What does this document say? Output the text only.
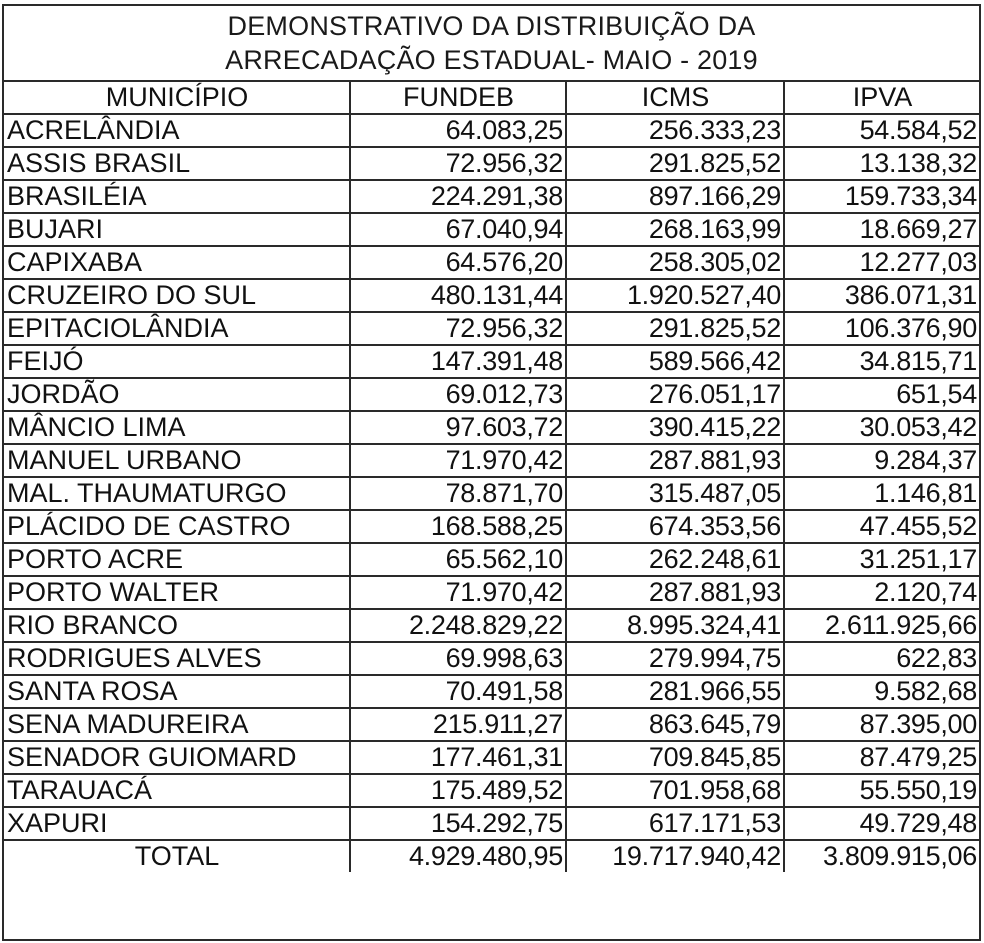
DEMONSTRATIVO DA DISTRIBUIÇÃO DA
ARRECADAÇÃO ESTADUAL- MAIO - 2019
MUNICÍPIO	FUNDEB	ICMS	IPVA
ACRELÂNDIA	64.083,25	256.333,23	54.584,52
ASSIS BRASIL	72.956,32	291.825,52	13.138,32
BRASILÉIA	224.291,38	897.166,29	159.733,34
BUJARI	67.040,94	268.163,99	18.669,27
CAPIXABA	64.576,20	258.305,02	12.277,03
CRUZEIRO DO SUL	480.131,44	1.920.527,40	386.071,31
EPITACIOLÂNDIA	72.956,32	291.825,52	106.376,90
FEIJÓ	147.391,48	589.566,42	34.815,71
JORDÃO	69.012,73	276.051,17	651,54
MÂNCIO LIMA	97.603,72	390.415,22	30.053,42
MANUEL URBANO	71.970,42	287.881,93	9.284,37
MAL. THAUMATURGO	78.871,70	315.487,05	1.146,81
PLÁCIDO DE CASTRO	168.588,25	674.353,56	47.455,52
PORTO ACRE	65.562,10	262.248,61	31.251,17
PORTO WALTER	71.970,42	287.881,93	2.120,74
RIO BRANCO	2.248.829,22	8.995.324,41	2.611.925,66
RODRIGUES ALVES	69.998,63	279.994,75	622,83
SANTA ROSA	70.491,58	281.966,55	9.582,68
SENA MADUREIRA	215.911,27	863.645,79	87.395,00
SENADOR GUIOMARD	177.461,31	709.845,85	87.479,25
TARAUACÁ	175.489,52	701.958,68	55.550,19
XAPURI	154.292,75	617.171,53	49.729,48
TOTAL	4.929.480,95	19.717.940,42	3.809.915,06
